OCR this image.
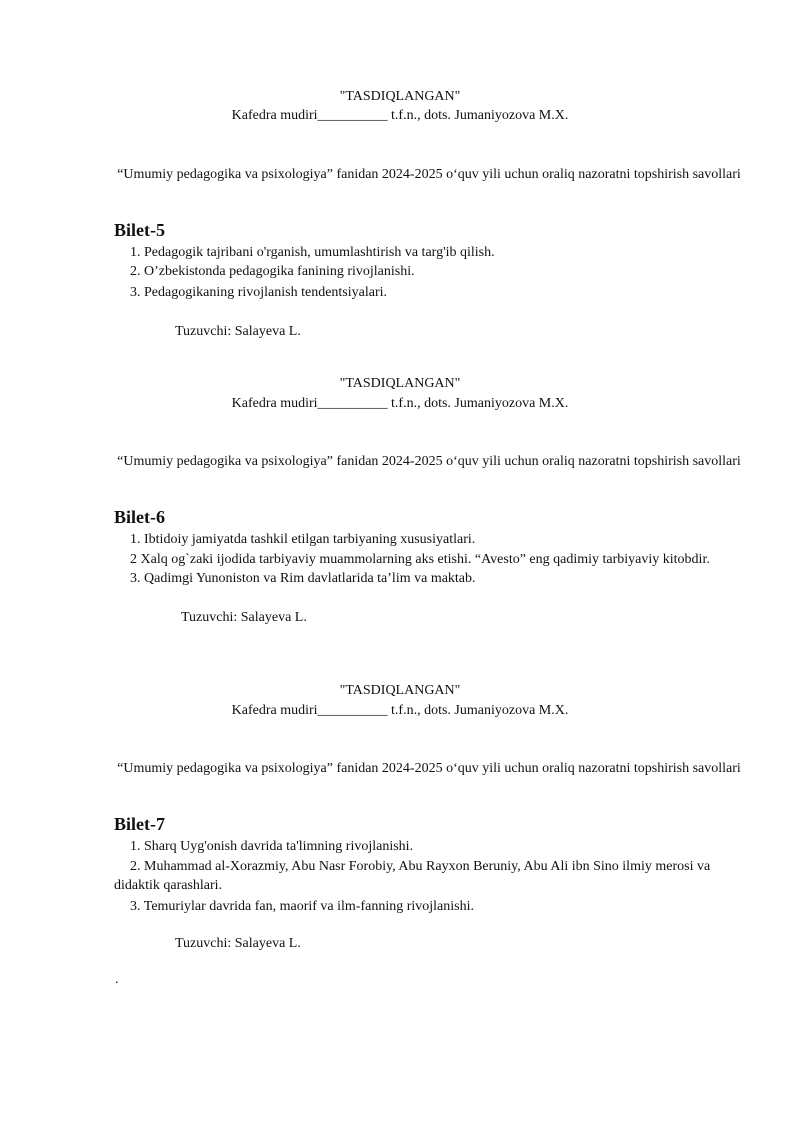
"TASDIQLANGAN"
Kafedra mudiri__________ t.f.n., dots. Jumaniyozova M.X.
“Umumiy pedagogika va psixologiya” fanidan 2024-2025 o‘quv yili uchun oraliq nazoratni topshirish savollari
Bilet-5
1. Pedagogik tajribani o'rganish, umumlashtirish va targ'ib qilish.
2. O’zbekistonda pedagogika fanining rivojlanishi.
3. Pedagogikaning rivojlanish tendentsiyalari.
Tuzuvchi: Salayeva L.
"TASDIQLANGAN"
Kafedra mudiri__________ t.f.n., dots. Jumaniyozova M.X.
“Umumiy pedagogika va psixologiya” fanidan 2024-2025 o‘quv yili uchun oraliq nazoratni topshirish savollari
Bilet-6
1. Ibtidoiy jamiyatda tashkil etilgan tarbiyaning xususiyatlari.
2 Xalq og`zaki ijodida tarbiyaviy muammolarning aks etishi. “Avesto” eng qadimiy tarbiyaviy kitobdir.
3. Qadimgi Yunoniston va Rim davlatlarida ta’lim va maktab.
Tuzuvchi: Salayeva L.
"TASDIQLANGAN"
Kafedra mudiri__________ t.f.n., dots. Jumaniyozova M.X.
“Umumiy pedagogika va psixologiya” fanidan 2024-2025 o‘quv yili uchun oraliq nazoratni topshirish savollari
Bilet-7
1. Sharq Uyg'onish davrida ta'limning rivojlanishi.
2. Muhammad al-Xorazmiy, Abu Nasr Forobiy, Abu Rayxon Beruniy, Abu Ali ibn Sino ilmiy merosi va didaktik qarashlari.
3. Temuriylar davrida fan, maorif va ilm-fanning rivojlanishi.
Tuzuvchi: Salayeva L.
.
